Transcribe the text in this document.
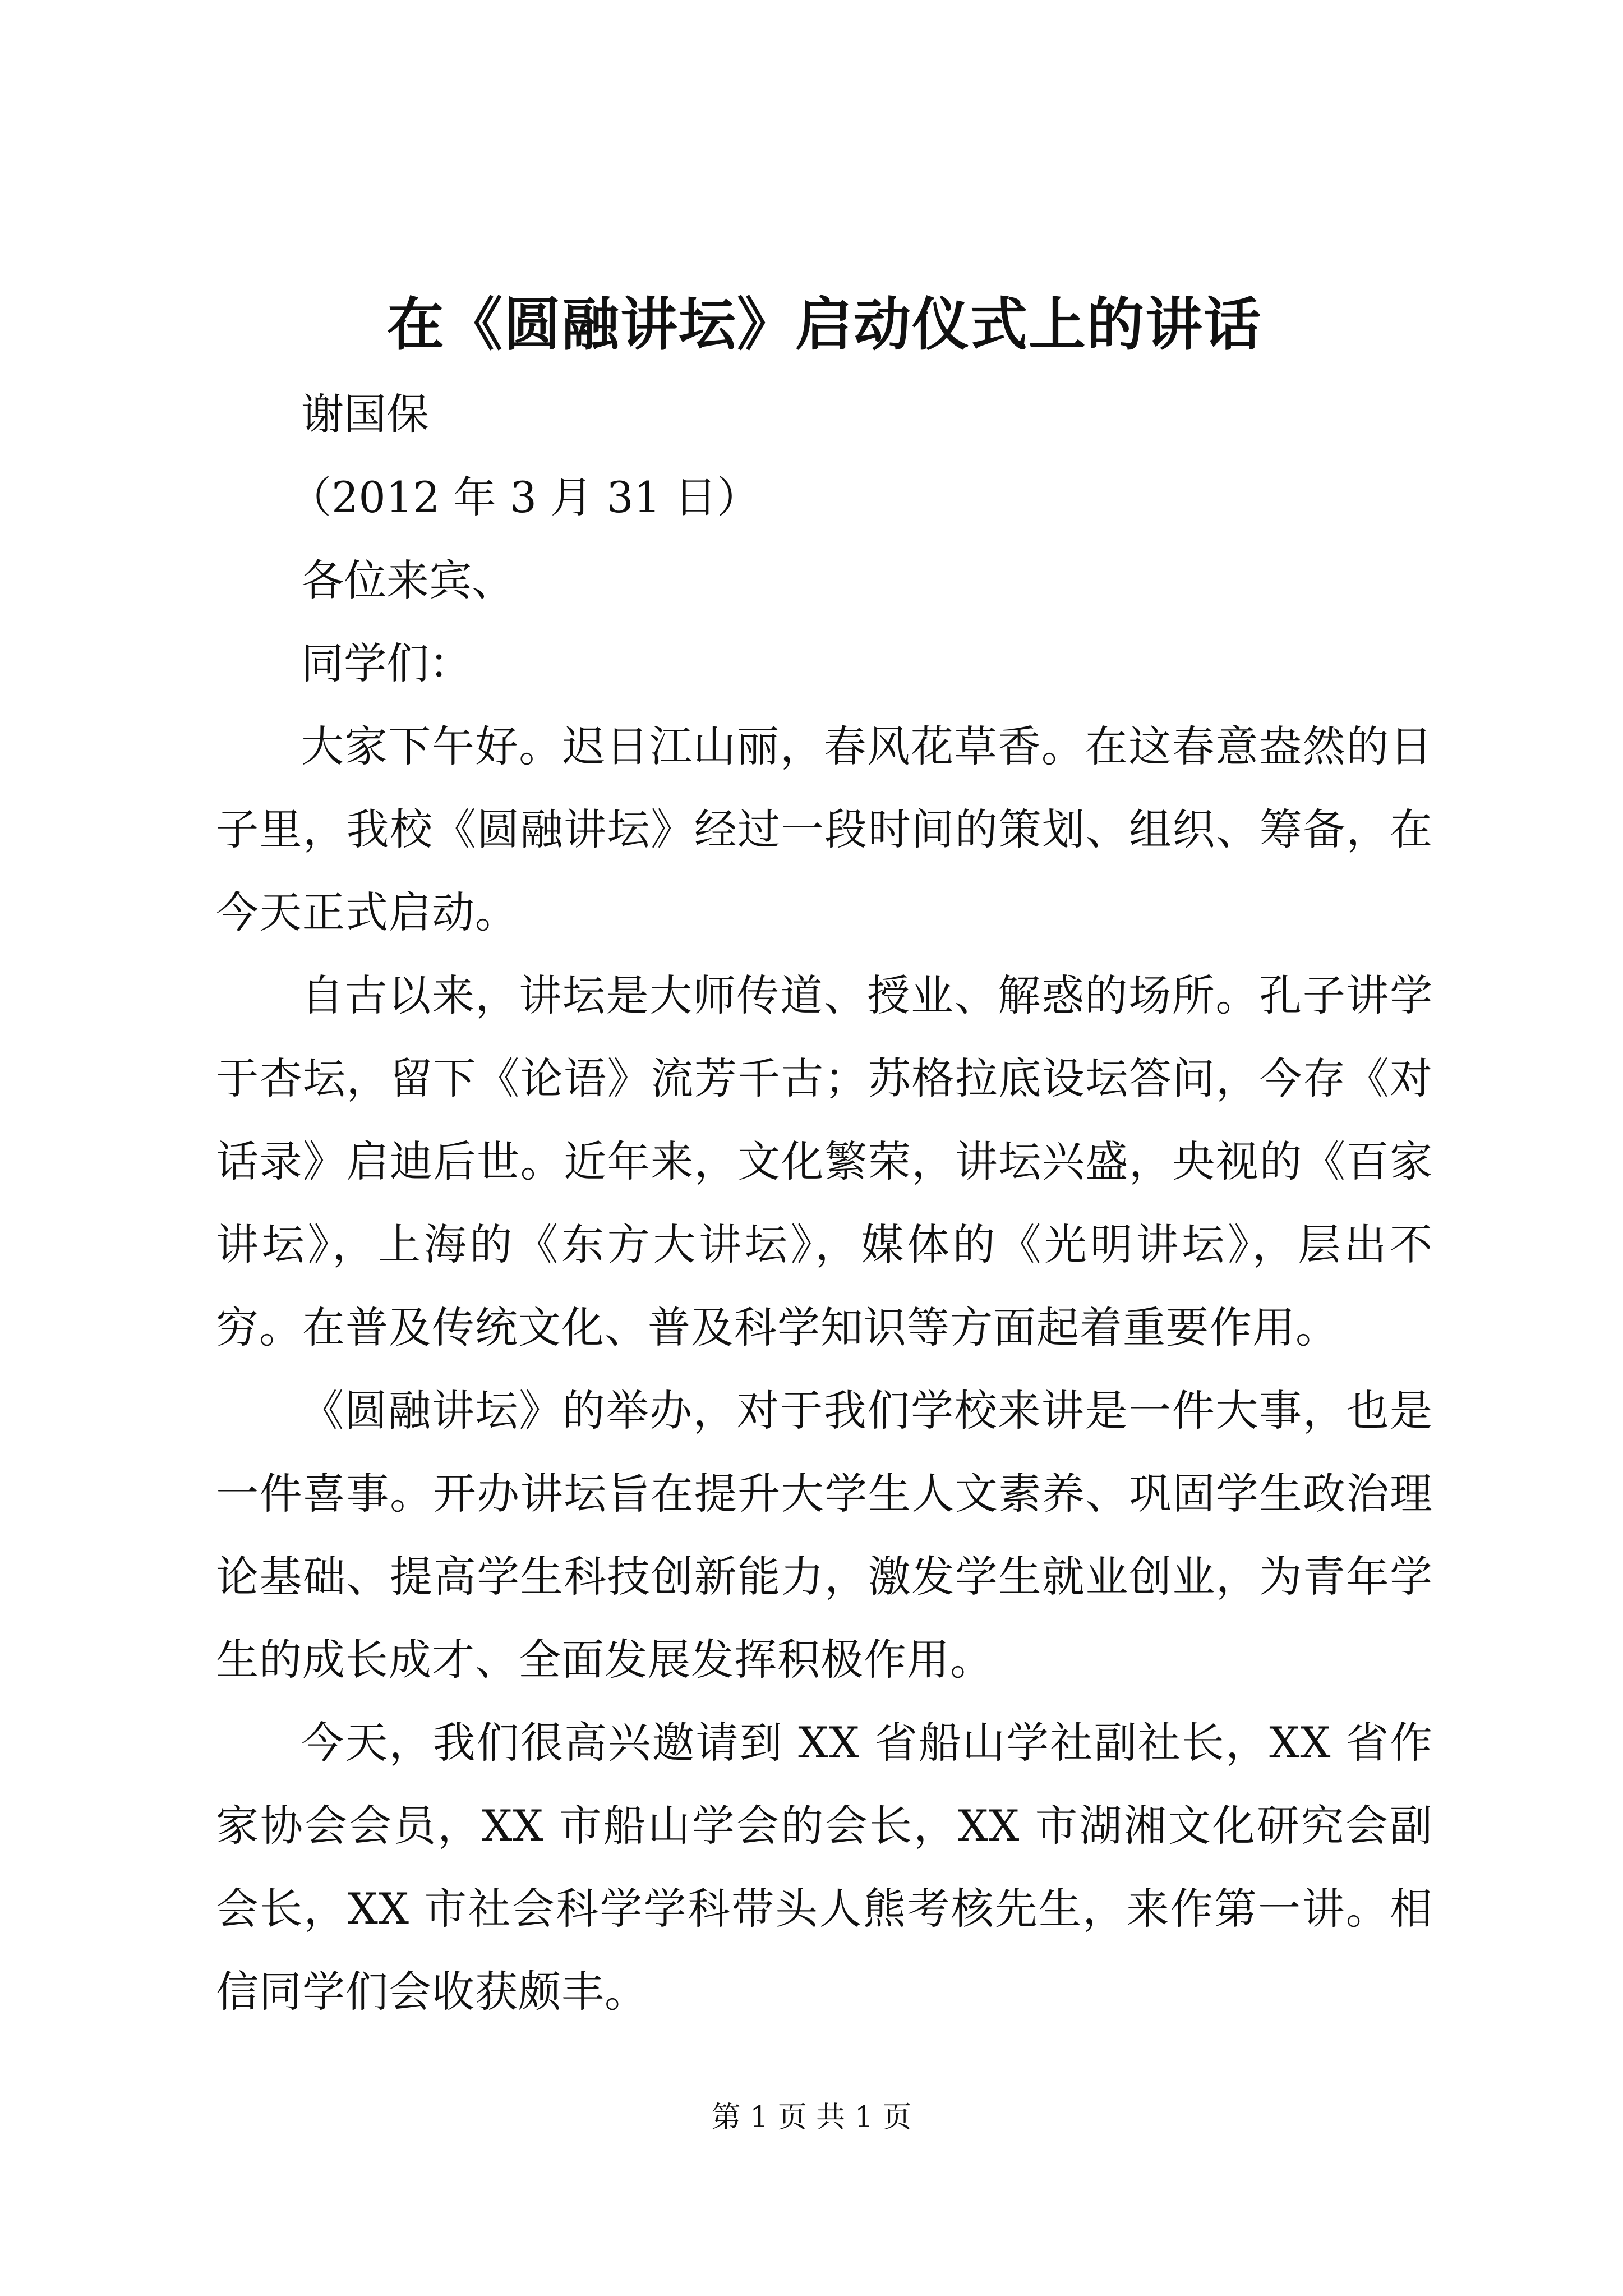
在《圆融讲坛》启动仪式上的讲话

谢国保

（2012 年 3 月 31 日）

各位来宾、

同学们：

大家下午好。迟日江山丽，春风花草香。在这春意盎然的日子里，我校《圆融讲坛》经过一段时间的策划、组织、筹备，在今天正式启动。

自古以来，讲坛是大师传道、授业、解惑的场所。孔子讲学于杏坛，留下《论语》流芳千古；苏格拉底设坛答问，今存《对话录》启迪后世。近年来，文化繁荣，讲坛兴盛，央视的《百家讲坛》，上海的《东方大讲坛》，媒体的《光明讲坛》，层出不穷。在普及传统文化、普及科学知识等方面起着重要作用。

《圆融讲坛》的举办，对于我们学校来讲是一件大事，也是一件喜事。开办讲坛旨在提升大学生人文素养、巩固学生政治理论基础、提高学生科技创新能力，激发学生就业创业，为青年学生的成长成才、全面发展发挥积极作用。

今天，我们很高兴邀请到 XX 省船山学社副社长，XX 省作家协会会员，XX 市船山学会的会长，XX 市湖湘文化研究会副会长，XX 市社会科学学科带头人熊考核先生，来作第一讲。相信同学们会收获颇丰。

第 1 页 共 1 页
